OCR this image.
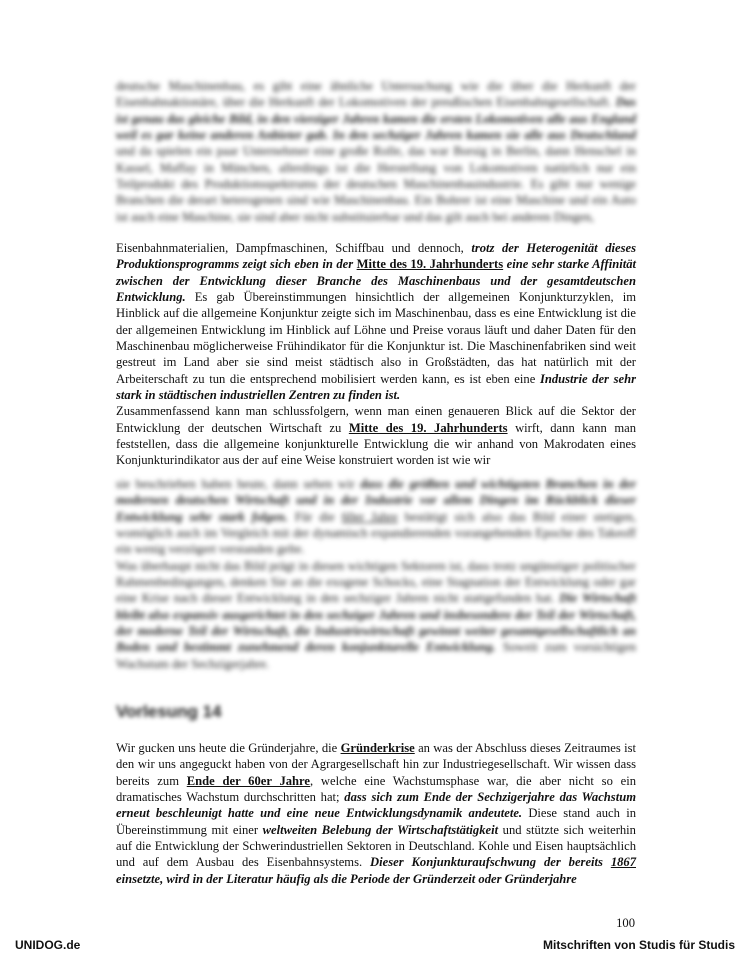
deutsche Maschinenbau, es gibt eine ähnliche Untersuchung wie die über die Herkunft der Eisenbahnaktionäre, über die Herkunft der Lokomotiven der preußischen Eisenbahngesellschaft. Das ist genau das gleiche Bild, in den vierziger Jahren kamen die ersten Lokomotiven alle aus England weil es gar keine anderen Anbieter gab. In den sechziger Jahren kamen sie alle aus Deutschland und da spielen ein paar Unternehmer eine große Rolle, das war Borsig in Berlin, dann Henschel in Kassel, Maffay in München, allerdings ist die Herstellung von Lokomotiven natürlich nur ein Teilprodukt des Produktionsspektrums der deutschen Maschinenbauindustrie. Es gibt nur wenige Branchen die derart heterogenen sind wie Maschinenbau. Ein Bohrer ist eine Maschine und ein Auto ist auch eine Maschine, sie sind aber nicht substituierbar und das gilt auch bei anderen Dingen,

Eisenbahnmaterialien, Dampfmaschinen, Schiffbau und dennoch, trotz der Heterogenität dieses Produktionsprogramms zeigt sich eben in der Mitte des 19. Jahrhunderts eine sehr starke Affinität zwischen der Entwicklung dieser Branche des Maschinenbaus und der gesamtdeutschen Entwicklung. Es gab Übereinstimmungen hinsichtlich der allgemeinen Konjunkturzyklen, im Hinblick auf die allgemeine Konjunktur zeigte sich im Maschinenbau, dass es eine Entwicklung ist die der allgemeinen Entwicklung im Hinblick auf Löhne und Preise voraus läuft und daher Daten für den Maschinenbau möglicherweise Frühindikator für die Konjunktur ist. Die Maschinenfabriken sind weit gestreut im Land aber sie sind meist städtisch also in Großstädten, das hat natürlich mit der Arbeiterschaft zu tun die entsprechend mobilisiert werden kann, es ist eben eine Industrie der sehr stark in städtischen industriellen Zentren zu finden ist.

Zusammenfassend kann man schlussfolgern, wenn man einen genaueren Blick auf die Sektor der Entwicklung der deutschen Wirtschaft zu Mitte des 19. Jahrhunderts wirft, dann kann man feststellen, dass die allgemeine konjunkturelle Entwicklung die wir anhand von Makrodaten eines Konjunkturindikator aus der auf eine Weise konstruiert worden ist wie wir

sie beschrieben haben heute, dann sehen wir dass die größten und wichtigsten Branchen in der modernen deutschen Wirtschaft und in der Industrie vor allem Dingen im Rückblick dieser Entwicklung sehr stark folgen. Für die 60er Jahre bestätigt sich also das Bild einer stetigen, womöglich auch im Vergleich mit der dynamisch expandierenden vorangehenden Epoche des Takeoff ein wenig verzögert verstanden gelte.

Was überhaupt nicht das Bild prägt in diesen wichtigen Sektoren ist, dass trotz ungünstiger politischer Rahmenbedingungen, denken Sie an die exogene Schocks, eine Stagnation der Entwicklung oder gar eine Krise nach dieser Entwicklung in den sechziger Jahren nicht stattgefunden hat. Die Wirtschaft bleibt also expansiv ausgerichtet in den sechziger Jahren und insbesondere der Teil der Wirtschaft, der moderne Teil der Wirtschaft, die Industriewirtschaft gewinnt weiter gesamtgesellschaftlich an Boden und bestimmt zunehmend deren konjunkturelle Entwicklung. Soweit zum vorsichtigen Wachstum der Sechzigerjahre.

Vorlesung 14

Wir gucken uns heute die Gründerjahre, die Gründerkrise an was der Abschluss dieses Zeitraumes ist den wir uns angeguckt haben von der Agrargesellschaft hin zur Industriegesellschaft. Wir wissen dass bereits zum Ende der 60er Jahre, welche eine Wachstumsphase war, die aber nicht so ein dramatisches Wachstum durchschritten hat; dass sich zum Ende der Sechzigerjahre das Wachstum erneut beschleunigt hatte und eine neue Entwicklungsdynamik andeutete. Diese stand auch in Übereinstimmung mit einer weltweiten Belebung der Wirtschaftstätigkeit und stützte sich weiterhin auf die Entwicklung der Schwerindustriellen Sektoren in Deutschland. Kohle und Eisen hauptsächlich und auf dem Ausbau des Eisenbahnsystems. Dieser Konjunkturaufschwung der bereits 1867 einsetzte, wird in der Literatur häufig als die Periode der Gründerzeit oder Gründerjahre

100
UNIDOG.de	Mitschriften von Studis für Studis
